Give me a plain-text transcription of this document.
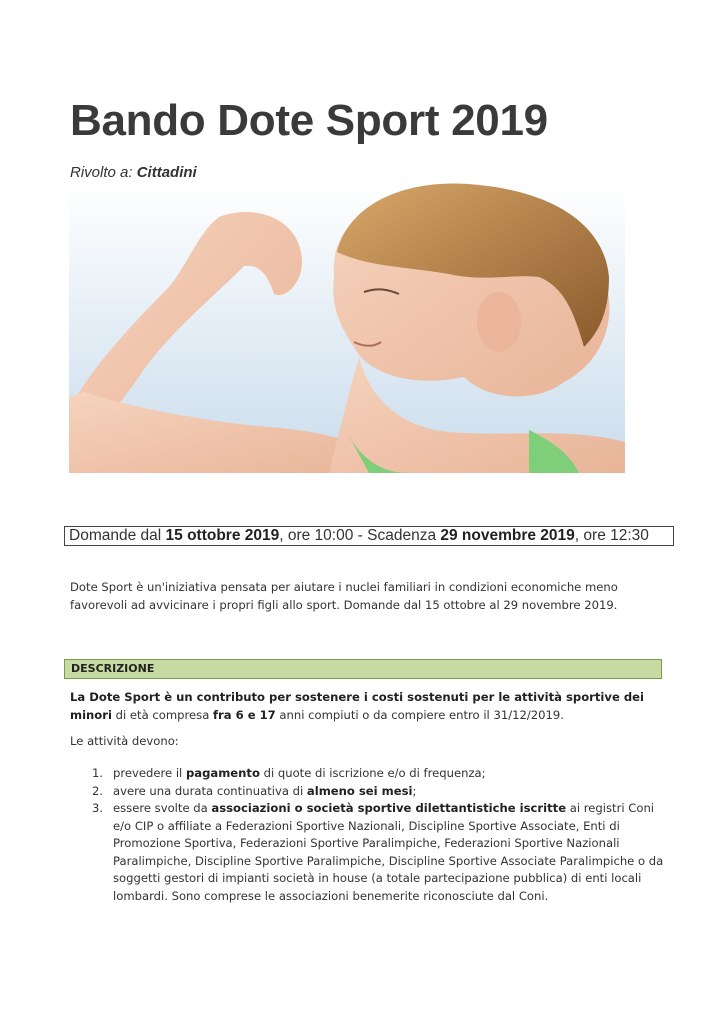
Bando Dote Sport 2019
Rivolto a: Cittadini
Domande dal 15 ottobre 2019, ore 10:00 - Scadenza 29 novembre 2019, ore 12:30
Dote Sport è un'iniziativa pensata per aiutare i nuclei familiari in condizioni economiche meno favorevoli ad avvicinare i propri figli allo sport. Domande dal 15 ottobre al 29 novembre 2019.
DESCRIZIONE
La Dote Sport è un contributo per sostenere i costi sostenuti per le attività sportive dei minori di età compresa fra 6 e 17 anni compiuti o da compiere entro il 31/12/2019.
Le attività devono:
1. prevedere il pagamento di quote di iscrizione e/o di frequenza;
2. avere una durata continuativa di almeno sei mesi;
3. essere svolte da associazioni o società sportive dilettantistiche iscritte ai registri Coni e/o CIP o affiliate a Federazioni Sportive Nazionali, Discipline Sportive Associate, Enti di Promozione Sportiva, Federazioni Sportive Paralimpiche, Federazioni Sportive Nazionali Paralimpiche, Discipline Sportive Paralimpiche, Discipline Sportive Associate Paralimpiche o da soggetti gestori di impianti società in house (a totale partecipazione pubblica) di enti locali lombardi. Sono comprese le associazioni benemerite riconosciute dal Coni.
